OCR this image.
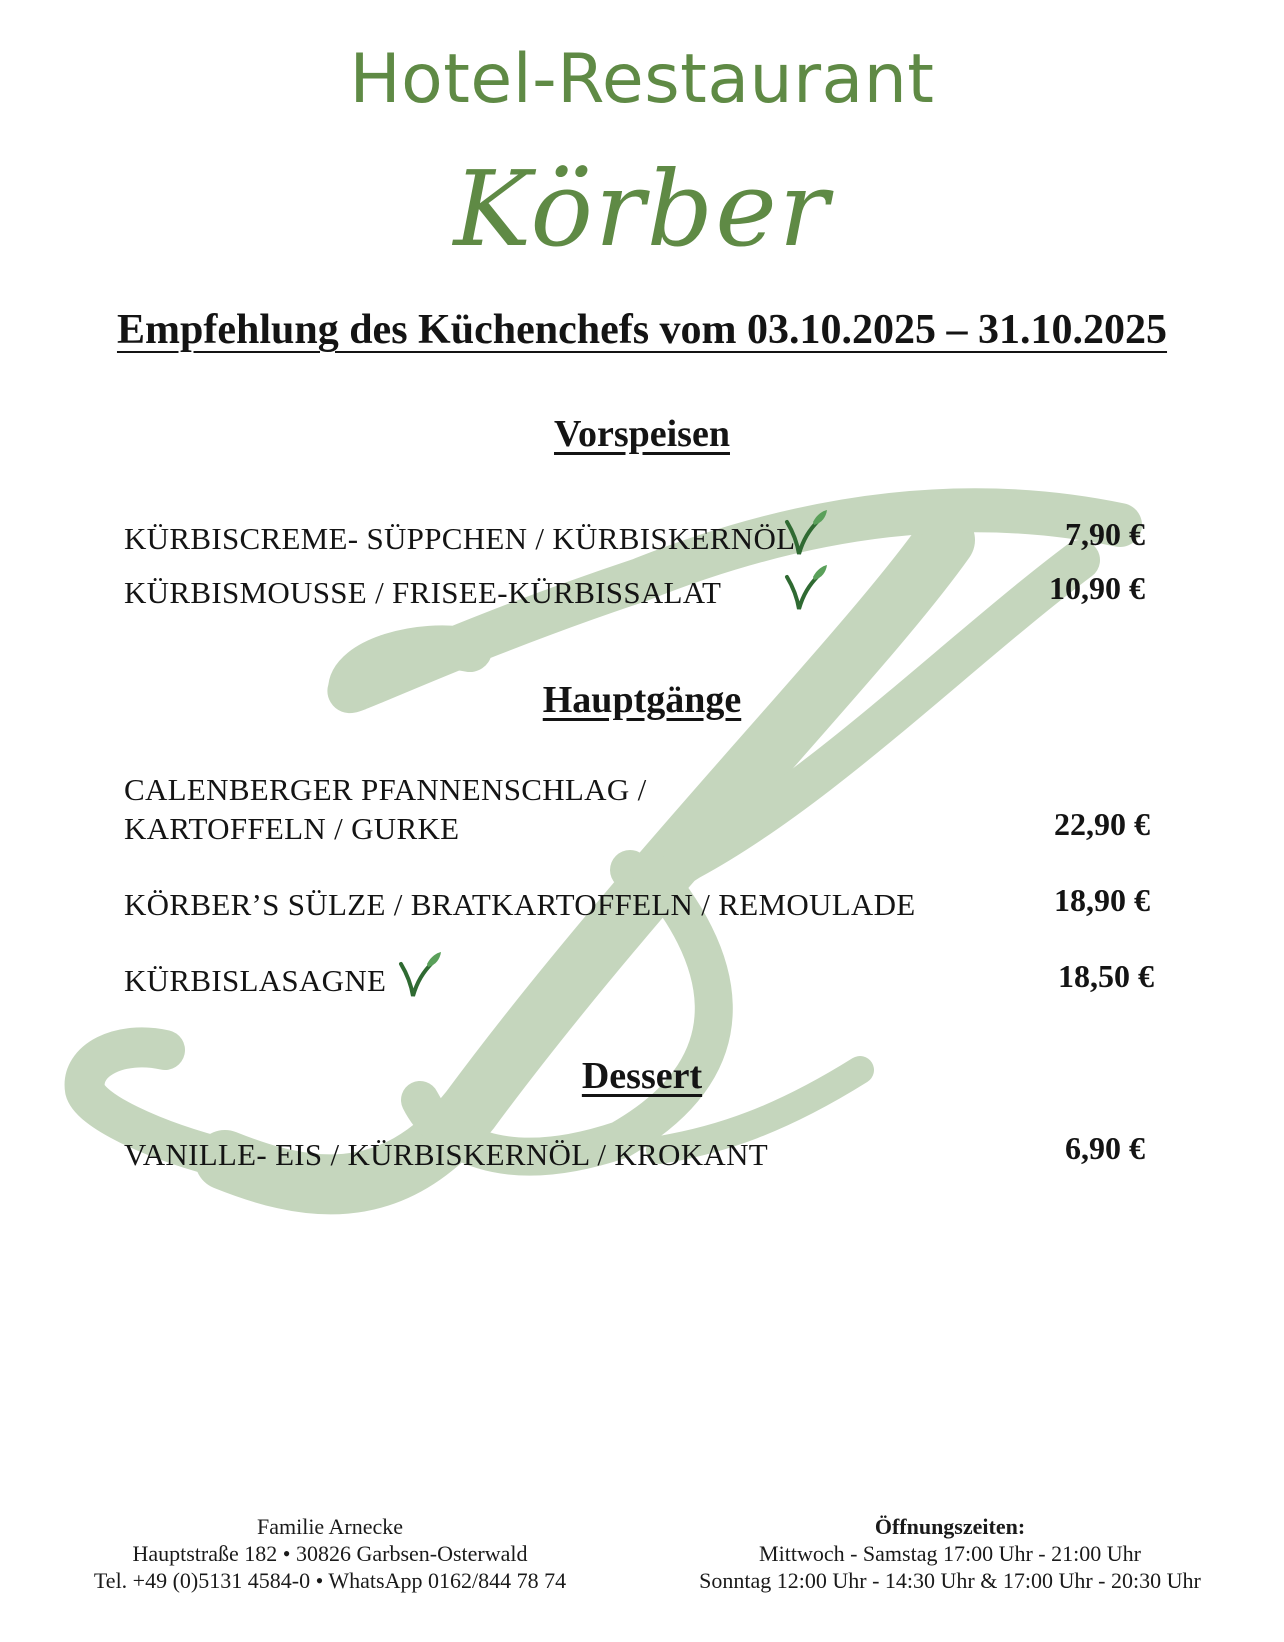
Hotel-Restaurant
Körber
Empfehlung des Küchenchefs vom 03.10.2025 – 31.10.2025
Vorspeisen
KÜRBISCREME- SÜPPCHEN / KÜRBISKERNÖL	7,90 €
KÜRBISMOUSSE / FRISEE-KÜRBISSALAT	10,90 €
Hauptgänge
CALENBERGER PFANNENSCHLAG /
KARTOFFELN / GURKE	22,90 €
KÖRBER’S SÜLZE / BRATKARTOFFELN / REMOULADE	18,90 €
KÜRBISLASAGNE	18,50 €
Dessert
VANILLE- EIS / KÜRBISKERNÖL / KROKANT	6,90 €
Familie Arnecke
Hauptstraße 182 • 30826 Garbsen-Osterwald
Tel. +49 (0)5131 4584-0 • WhatsApp 0162/844 78 74
Öffnungszeiten:
Mittwoch - Samstag 17:00 Uhr - 21:00 Uhr
Sonntag 12:00 Uhr - 14:30 Uhr & 17:00 Uhr - 20:30 Uhr
